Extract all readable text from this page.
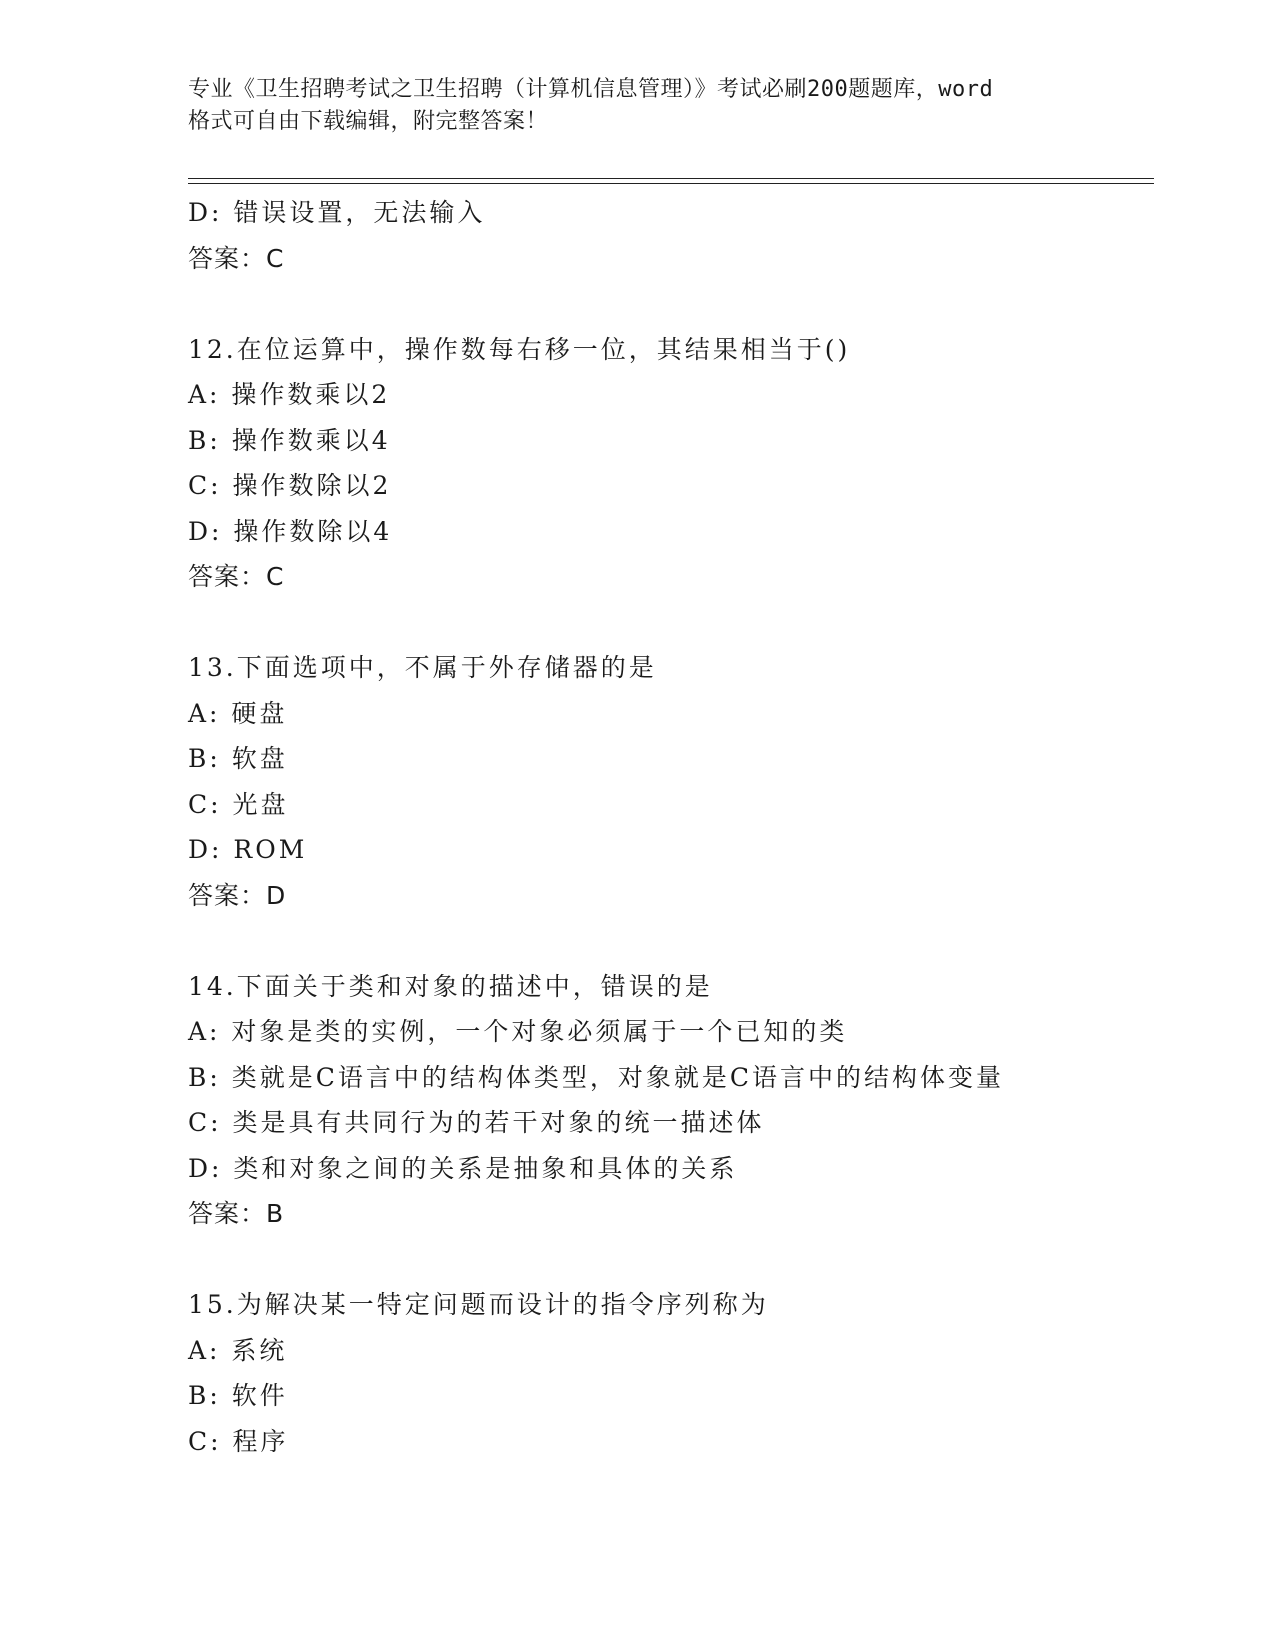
专业《卫生招聘考试之卫生招聘（计算机信息管理）》考试必刷200题题库，word
格式可自由下载编辑，附完整答案！
D: 错误设置，无法输入
答案：C
12.在位运算中，操作数每右移一位，其结果相当于()
A: 操作数乘以2
B: 操作数乘以4
C: 操作数除以2
D: 操作数除以4
答案：C
13.下面选项中，不属于外存储器的是
A: 硬盘
B: 软盘
C: 光盘
D: ROM
答案：D
14.下面关于类和对象的描述中，错误的是
A: 对象是类的实例，一个对象必须属于一个已知的类
B: 类就是C语言中的结构体类型，对象就是C语言中的结构体变量
C: 类是具有共同行为的若干对象的统一描述体
D: 类和对象之间的关系是抽象和具体的关系
答案：B
15.为解决某一特定问题而设计的指令序列称为
A: 系统
B: 软件
C: 程序
